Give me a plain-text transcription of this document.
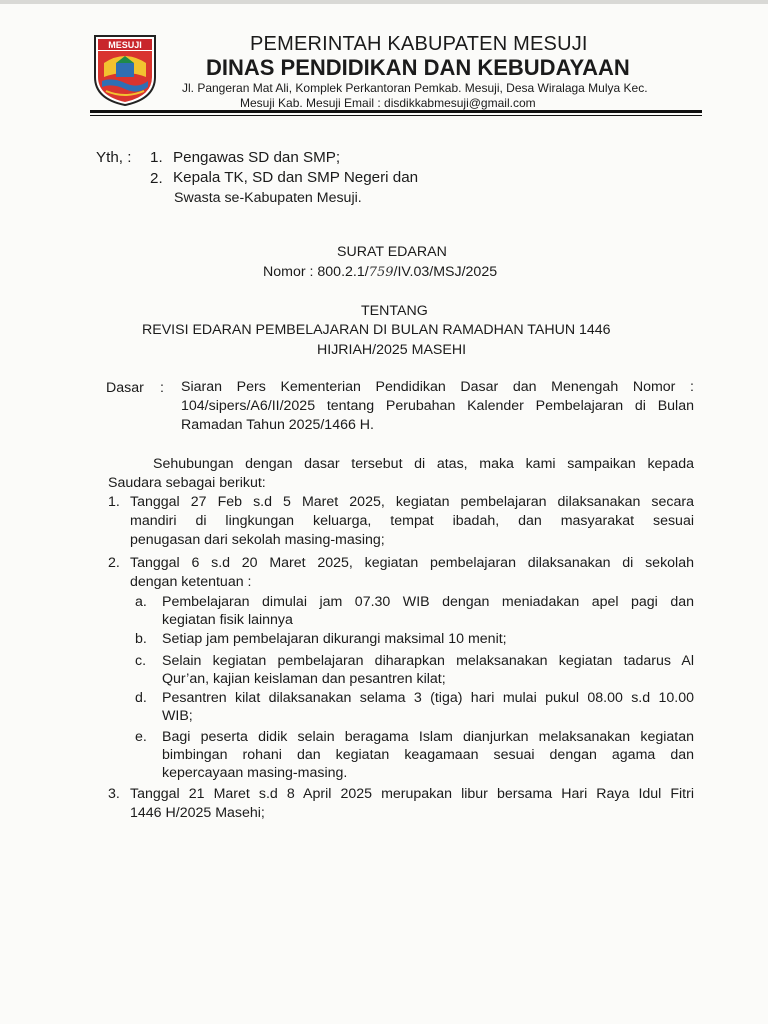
MESUJI	PEMERINTAH KABUPATEN MESUJI
DINAS PENDIDIKAN DAN KEBUDAYAAN
Jl. Pangeran Mat Ali, Komplek Perkantoran Pemkab. Mesuji, Desa Wiralaga Mulya Kec.
Mesuji Kab. Mesuji Email : disdikkabmesuji@gmail.com
Yth, : 1. Pengawas SD dan SMP;
2. Kepala TK, SD dan SMP Negeri dan
Swasta se-Kabupaten Mesuji.
SURAT EDARAN
Nomor : 800.2.1/759/IV.03/MSJ/2025
TENTANG
REVISI EDARAN PEMBELAJARAN DI BULAN RAMADHAN TAHUN 1446
HIJRIAH/2025 MASEHI
Dasar : Siaran Pers Kementerian Pendidikan Dasar dan Menengah Nomor :
104/sipers/A6/II/2025 tentang Perubahan Kalender Pembelajaran di Bulan
Ramadan Tahun 2025/1466 H.
Sehubungan dengan dasar tersebut di atas, maka kami sampaikan kepada
Saudara sebagai berikut:
1. Tanggal 27 Feb s.d 5 Maret 2025, kegiatan pembelajaran dilaksanakan secara
mandiri di lingkungan keluarga, tempat ibadah, dan masyarakat sesuai
penugasan dari sekolah masing-masing;
2. Tanggal 6 s.d 20 Maret 2025, kegiatan pembelajaran dilaksanakan di sekolah
dengan ketentuan :
a. Pembelajaran dimulai jam 07.30 WIB dengan meniadakan apel pagi dan
kegiatan fisik lainnya
b. Setiap jam pembelajaran dikurangi maksimal 10 menit;
c. Selain kegiatan pembelajaran diharapkan melaksanakan kegiatan tadarus Al
Qur’an, kajian keislaman dan pesantren kilat;
d. Pesantren kilat dilaksanakan selama 3 (tiga) hari mulai pukul 08.00 s.d 10.00
WIB;
e. Bagi peserta didik selain beragama Islam dianjurkan melaksanakan kegiatan
bimbingan rohani dan kegiatan keagamaan sesuai dengan agama dan
kepercayaan masing-masing.
3. Tanggal 21 Maret s.d 8 April 2025 merupakan libur bersama Hari Raya Idul Fitri
1446 H/2025 Masehi;
